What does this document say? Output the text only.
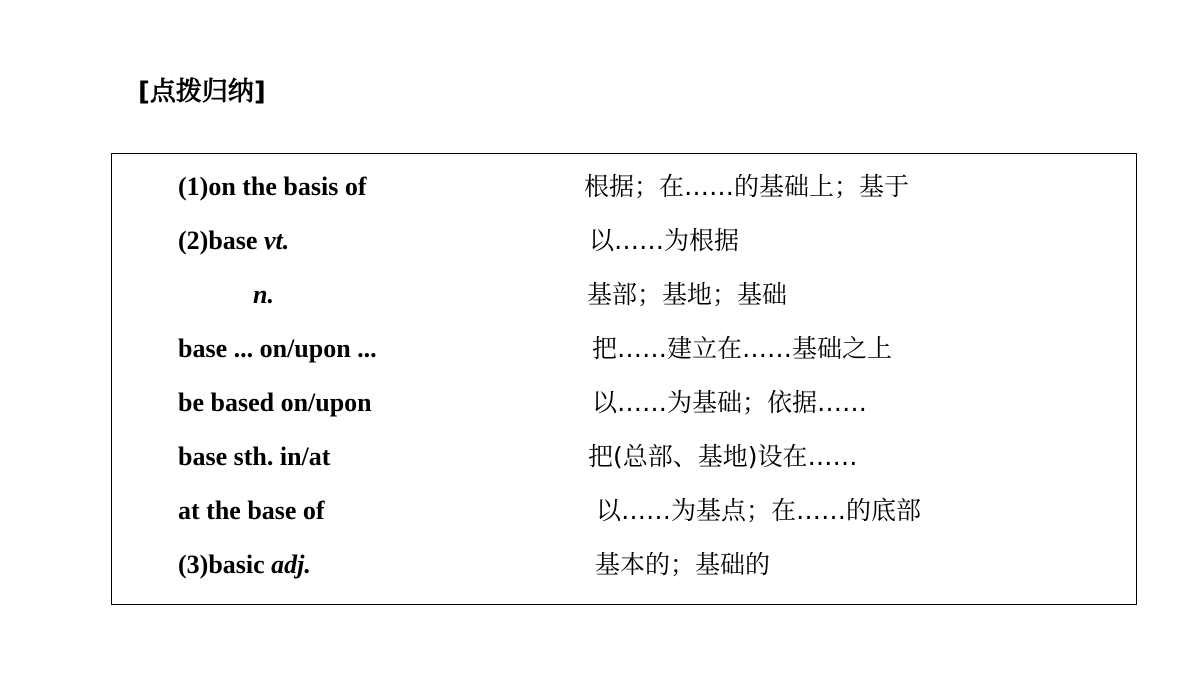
[点拨归纳]
(1)on the basis of	根据；在……的基础上；基于
(2)base vt.	以……为根据
n.	基部；基地；基础
base ... on/upon ...	把……建立在……基础之上
be based on/upon	以……为基础；依据……
base sth. in/at	把(总部、基地)设在……
at the base of	以……为基点；在……的底部
(3)basic adj.	基本的；基础的
